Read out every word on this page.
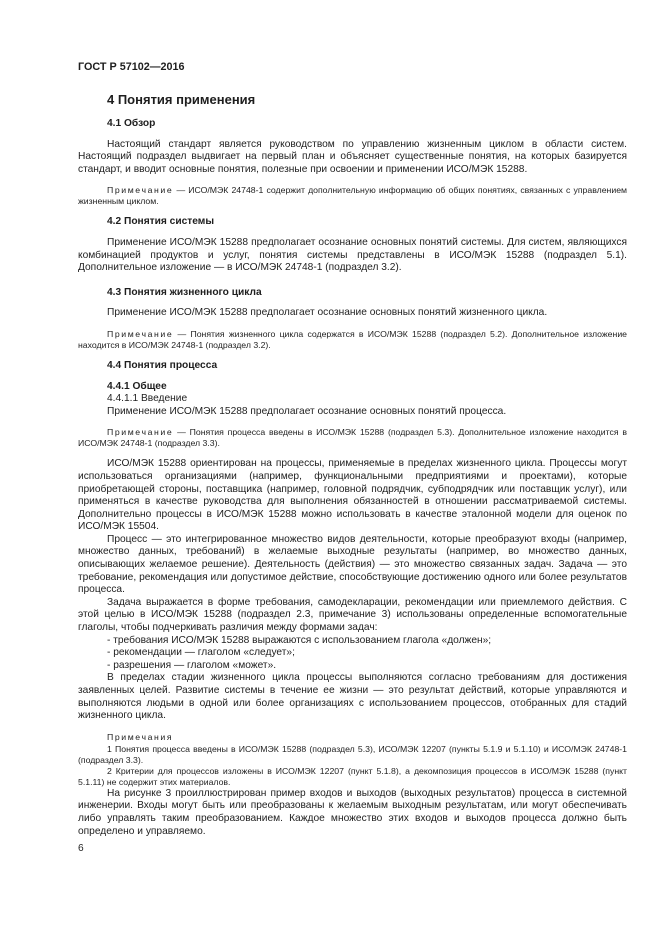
ГОСТ Р 57102—2016
4 Понятия применения
4.1 Обзор

Настоящий стандарт является руководством по управлению жизненным циклом в области систем. Настоящий подраздел выдвигает на первый план и объясняет существенные понятия, на которых базируется стандарт, и вводит основные понятия, полезные при освоении и применении ИСО/МЭК 15288.

Примечание — ИСО/МЭК 24748-1 содержит дополнительную информацию об общих понятиях, связанных с управлением жизненным циклом.

4.2 Понятия системы

Применение ИСО/МЭК 15288 предполагает осознание основных понятий системы. Для систем, являющихся комбинацией продуктов и услуг, понятия системы представлены в ИСО/МЭК 15288 (подраздел 5.1). Дополнительное изложение — в ИСО/МЭК 24748-1 (подраздел 3.2).

4.3 Понятия жизненного цикла

Применение ИСО/МЭК 15288 предполагает осознание основных понятий жизненного цикла.

Примечание — Понятия жизненного цикла содержатся в ИСО/МЭК 15288 (подраздел 5.2). Дополнительное изложение находится в ИСО/МЭК 24748-1 (подраздел 3.2).

4.4 Понятия процесса
4.4.1 Общее
4.4.1.1 Введение

Применение ИСО/МЭК 15288 предполагает осознание основных понятий процесса.

Примечание — Понятия процесса введены в ИСО/МЭК 15288 (подраздел 5.3). Дополнительное изложение находится в ИСО/МЭК 24748-1 (подраздел 3.3).

ИСО/МЭК 15288 ориентирован на процессы, применяемые в пределах жизненного цикла. Процессы могут использоваться организациями (например, функциональными предприятиями и проектами), которые приобретающей стороны, поставщика (например, головной подрядчик, субподрядчик или поставщик услуг), или применяться в качестве руководства для выполнения обязанностей в отношении рассматриваемой системы. Дополнительно процессы в ИСО/МЭК 15288 можно использовать в качестве эталонной модели для оценок по ИСО/МЭК 15504.

Процесс — это интегрированное множество видов деятельности, которые преобразуют входы (например, множество данных, требований) в желаемые выходные результаты (например, во множество данных, описывающих желаемое решение). Деятельность (действия) — это множество связанных задач. Задача — это требование, рекомендация или допустимое действие, способствующие достижению одного или более результатов процесса.

Задача выражается в форме требования, самодекларации, рекомендации или приемлемого действия. С этой целью в ИСО/МЭК 15288 (подраздел 2.3, примечание 3) использованы определенные вспомогательные глаголы, чтобы подчеркивать различия между формами задач:

- требования ИСО/МЭК 15288 выражаются с использованием глагола «должен»;
- рекомендации — глаголом «следует»;
- разрешения — глаголом «может».

В пределах стадии жизненного цикла процессы выполняются согласно требованиям для достижения заявленных целей. Развитие системы в течение ее жизни — это результат действий, которые управляются и выполняются людьми в одной или более организациях с использованием процессов, отобранных для стадий жизненного цикла.

Примечания

1 Понятия процесса введены в ИСО/МЭК 15288 (подраздел 5.3), ИСО/МЭК 12207 (пункты 5.1.9 и 5.1.10) и ИСО/МЭК 24748-1 (подраздел 3.3).

2 Критерии для процессов изложены в ИСО/МЭК 12207 (пункт 5.1.8), а декомпозиция процессов в ИСО/МЭК 15288 (пункт 5.1.11) не содержит этих материалов.

На рисунке 3 проиллюстрирован пример входов и выходов (выходных результатов) процесса в системной инженерии. Входы могут быть или преобразованы к желаемым выходным результатам, или могут обеспечивать либо управлять таким преобразованием. Каждое множество этих входов и выходов процесса должно быть определено и управляемо.

6
